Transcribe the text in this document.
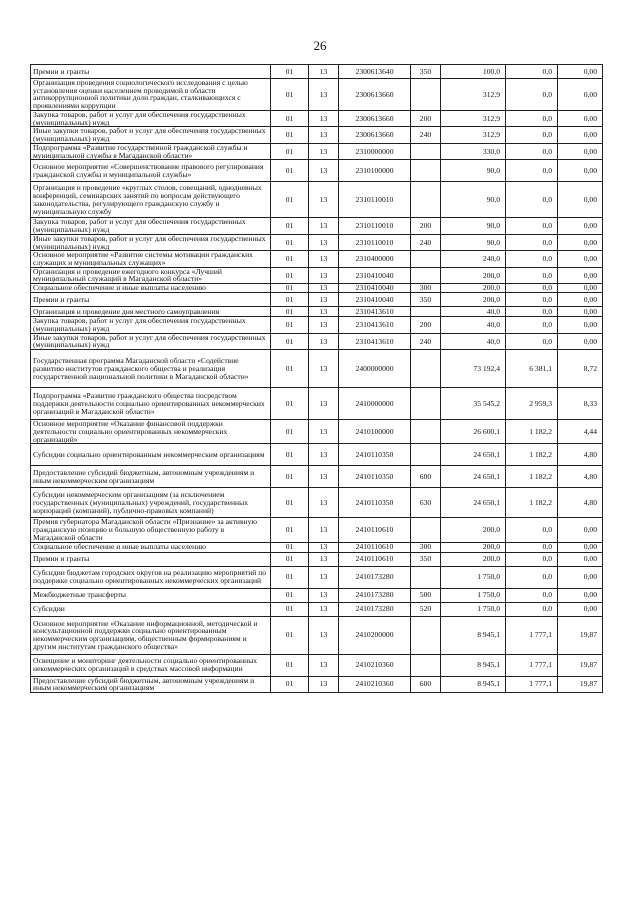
26
Премии и гранты	01	13	2300613640	350	100,0	0,0	0,00
Организация проведения социологического исследования с целью установления оценки населением проводимой в области антикоррупционной политики доли граждан, сталкивающихся с проявлениями коррупции	01	13	2300613660		312,9	0,0	0,00
Закупка товаров, работ и услуг для обеспечения государственных (муниципальных) нужд	01	13	2300613660	200	312,9	0,0	0,00
Иные закупки товаров, работ и услуг для обеспечения государственных (муниципальных) нужд	01	13	2300613660	240	312,9	0,0	0,00
Подпрограмма «Развитие государственной гражданской службы и муниципальной службы в Магаданской области»	01	13	2310000000		330,0	0,0	0,00
Основное мероприятие «Совершенствование правового регулирования гражданской службы и муниципальной службы»	01	13	2310100000		90,0	0,0	0,00
Организация и проведение «круглых столов, совещаний, однодневных конференций, семинарских занятий по вопросам действующего законодательства, регулирующего гражданскую службу и муниципальную службу	01	13	2310110010		90,0	0,0	0,00
Закупка товаров, работ и услуг для обеспечения государственных (муниципальных) нужд	01	13	2310110010	200	90,0	0,0	0,00
Иные закупки товаров, работ и услуг для обеспечения государственных (муниципальных) нужд	01	13	2310110010	240	90,0	0,0	0,00
Основное мероприятие «Развитие системы мотивации гражданских служащих и муниципальных служащих»	01	13	2310400000		240,0	0,0	0,00
Организация и проведение ежегодного конкурса «Лучший муниципальный служащий в Магаданской области»	01	13	2310410040		200,0	0,0	0,00
Социальное обеспечение и иные выплаты населению	01	13	2310410040	300	200,0	0,0	0,00
Премии и гранты	01	13	2310410040	350	200,0	0,0	0,00
Организация и проведение дня местного самоуправления	01	13	2310413610		40,0	0,0	0,00
Закупка товаров, работ и услуг для обеспечения государственных (муниципальных) нужд	01	13	2310413610	200	40,0	0,0	0,00
Иные закупки товаров, работ и услуг для обеспечения государственных (муниципальных) нужд	01	13	2310413610	240	40,0	0,0	0,00
Государственная программа Магаданской области «Содействие развитию институтов гражданского общества и реализация государственной национальной политики в Магаданской области»	01	13	2400000000		73 192,4	6 381,1	8,72
Подпрограмма «Развитие гражданского общества посредством поддержки деятельности социально ориентированных некоммерческих организаций в Магаданской области»	01	13	2410000000		35 545,2	2 959,3	8,33
Основное мероприятие «Оказание финансовой поддержки деятельности социально ориентированных некоммерческих организаций»	01	13	2410100000		26 600,1	1 182,2	4,44
Субсидии социально ориентированным некоммерческим организациям	01	13	2410110350		24 650,1	1 182,2	4,80
Предоставление субсидий бюджетным, автономным учреждениям и иным некоммерческим организациям	01	13	2410110350	600	24 650,1	1 182,2	4,80
Субсидии некоммерческим организациям (за исключением государственных (муниципальных) учреждений, государственных корпораций (компаний), публично-правовых компаний)	01	13	2410110350	630	24 650,1	1 182,2	4,80
Премия губернатора Магаданской области «Признание» за активную гражданскую позицию и большую общественную работу в Магаданской области	01	13	2410110610		200,0	0,0	0,00
Социальное обеспечение и иные выплаты населению	01	13	2410110610	300	200,0	0,0	0,00
Премии и гранты	01	13	2410110610	350	200,0	0,0	0,00
Субсидии бюджетам городских округов на реализацию мероприятий по поддержке социально ориентированных некоммерческих организаций	01	13	2410173280		1 750,0	0,0	0,00
Межбюджетные трансферты	01	13	2410173280	500	1 750,0	0,0	0,00
Субсидии	01	13	2410173280	520	1 750,0	0,0	0,00
Основное мероприятие «Оказание информационной, методической и консультационной поддержки социально ориентированным некоммерческим организациям, общественным формированиям и другим институтам гражданского общества»	01	13	2410200000		8 945,1	1 777,1	19,87
Освещение и мониторинг деятельности социально ориентированных некоммерческих организаций в средствах массовой информации	01	13	2410210360		8 945,1	1 777,1	19,87
Предоставление субсидий бюджетным, автономным учреждениям и иным некоммерческим организациям	01	13	2410210360	600	8 945,1	1 777,1	19,87
